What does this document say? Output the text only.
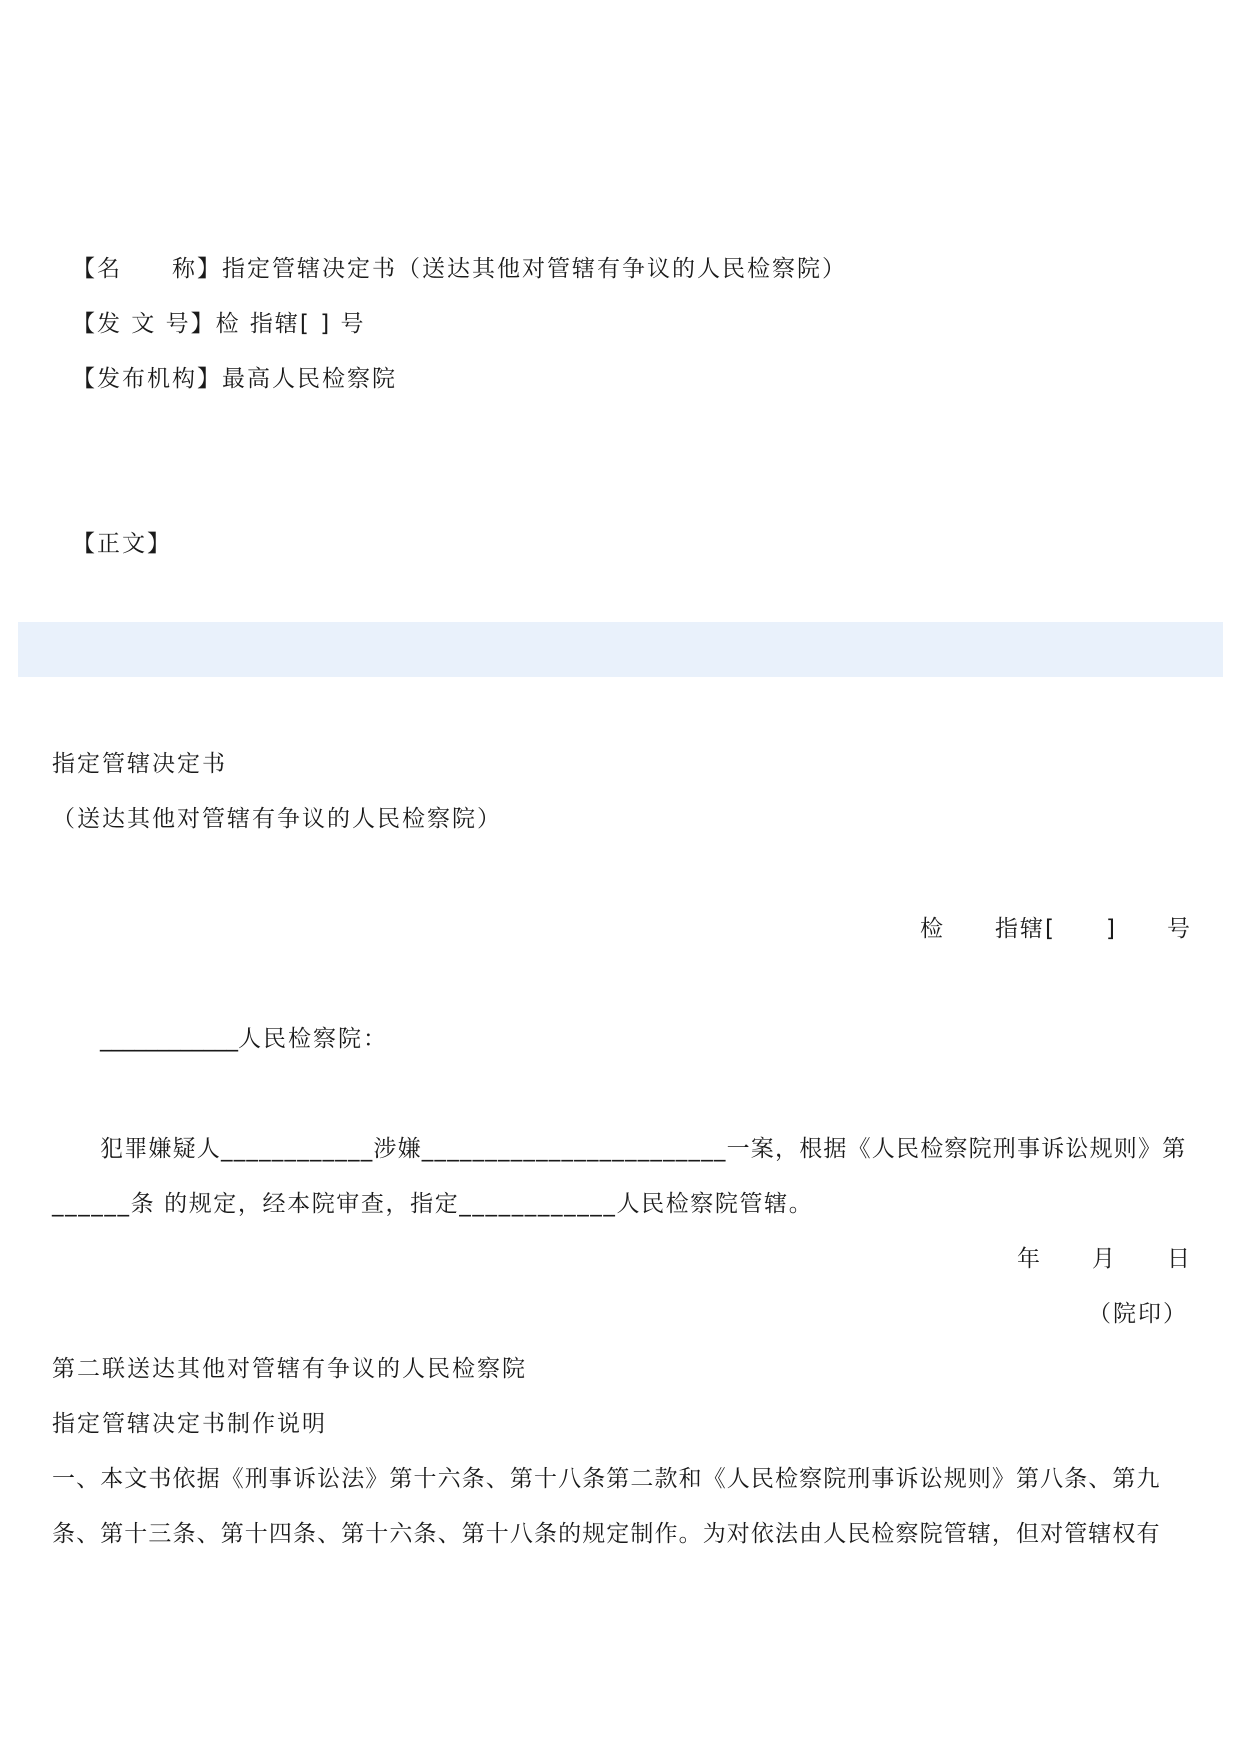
【名　　称】指定管辖决定书（送达其他对管辖有争议的人民检察院）
【发 文 号】检 指辖[ ] 号
【发布机构】最高人民检察院
【正文】
指定管辖决定书
（送达其他对管辖有争议的人民检察院）
检　　指辖[　　]　　号
____________人民检察院：
犯罪嫌疑人____________涉嫌________________________一案，根据《人民检察院刑事诉讼规则》第
______条 的规定，经本院审查，指定____________人民检察院管辖。
年　　月　　日
（院印）
第二联送达其他对管辖有争议的人民检察院
指定管辖决定书制作说明
一、本文书依据《刑事诉讼法》第十六条、第十八条第二款和《人民检察院刑事诉讼规则》第八条、第九
条、第十三条、第十四条、第十六条、第十八条的规定制作。为对依法由人民检察院管辖，但对管辖权有
